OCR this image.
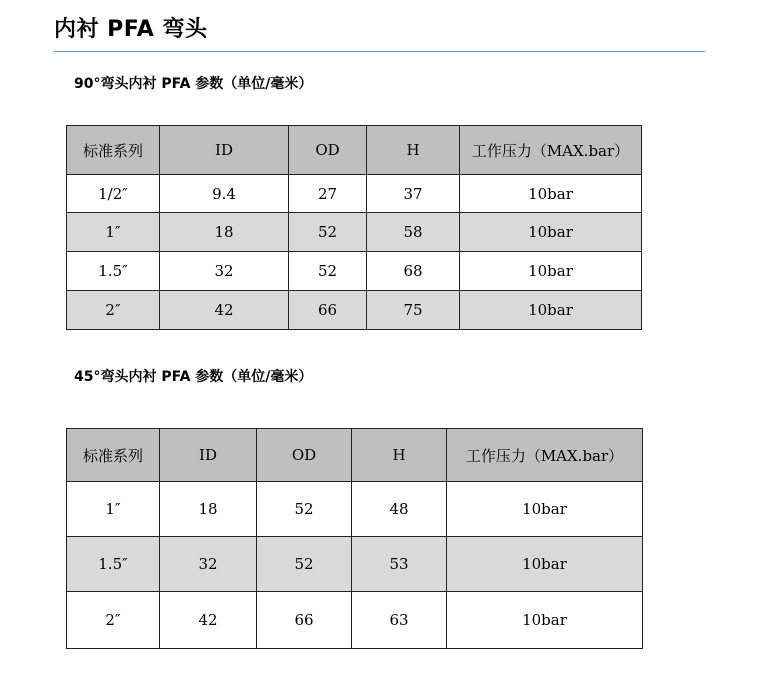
内衬 PFA 弯头
90°弯头内衬 PFA 参数（单位/毫米）
标准系列	ID	OD	H	工作压力（MAX.bar）
1/2″	9.4	27	37	10bar
1″	18	52	58	10bar
1.5″	32	52	68	10bar
2″	42	66	75	10bar
45°弯头内衬 PFA 参数（单位/毫米）
标准系列	ID	OD	H	工作压力（MAX.bar）
1″	18	52	48	10bar
1.5″	32	52	53	10bar
2″	42	66	63	10bar
